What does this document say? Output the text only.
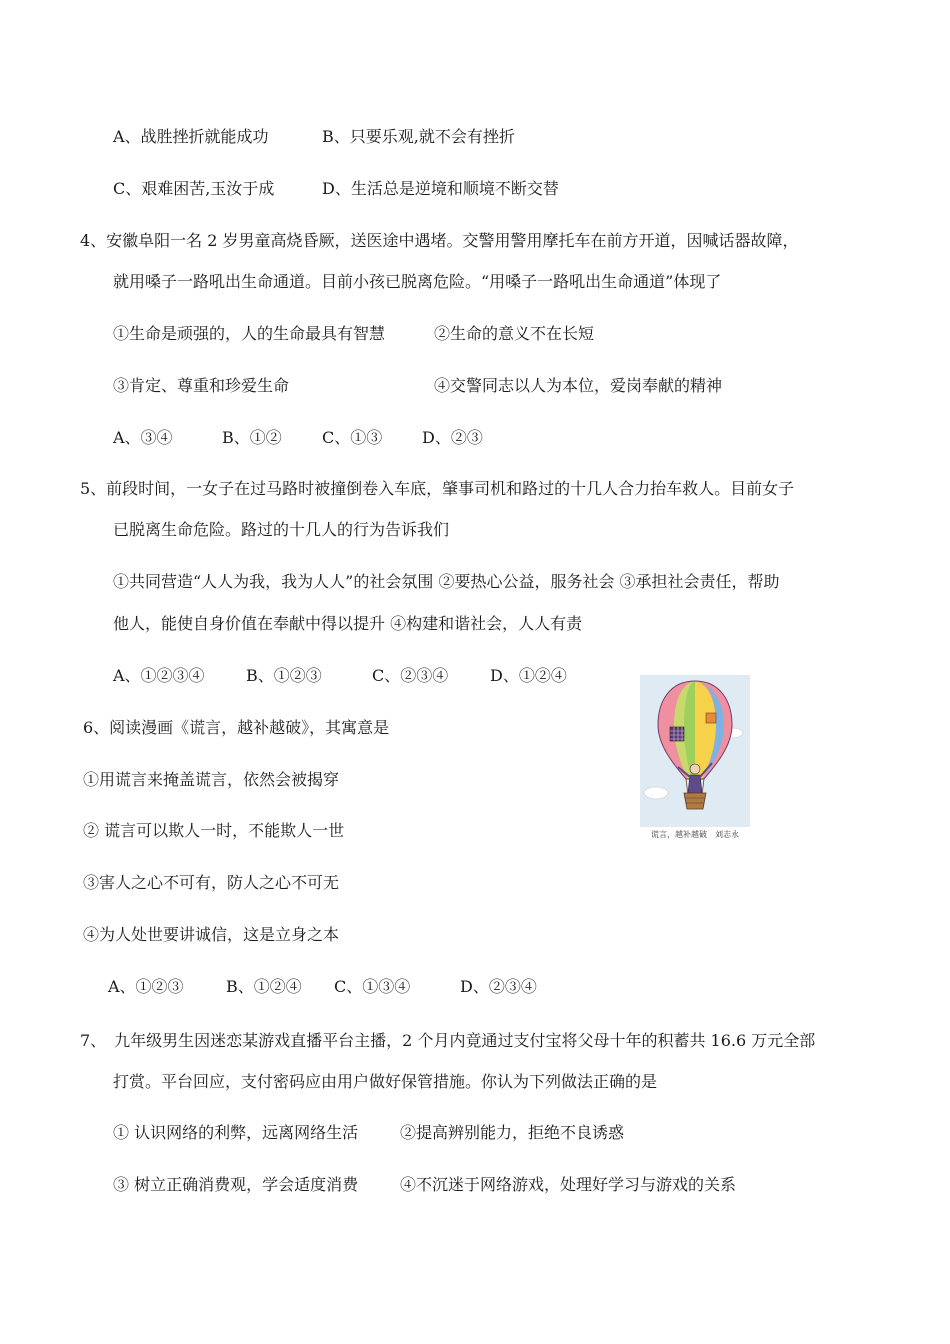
A、战胜挫折就能成功	B、只要乐观,就不会有挫折
C、艰难困苦,玉汝于成	D、生活总是逆境和顺境不断交替
4、安徽阜阳一名 2 岁男童高烧昏厥，送医途中遇堵。交警用警用摩托车在前方开道，因喊话器故障，
就用嗓子一路吼出生命通道。目前小孩已脱离危险。“用嗓子一路吼出生命通道”体现了
①生命是顽强的，人的生命最具有智慧	②生命的意义不在长短
③肯定、尊重和珍爱生命	④交警同志以人为本位，爱岗奉献的精神
A、③④	B、①②	C、①③ D、②③
5、前段时间，一女子在过马路时被撞倒卷入车底，肇事司机和路过的十几人合力抬车救人。目前女子
已脱离生命危险。路过的十几人的行为告诉我们
①共同营造“人人为我，我为人人”的社会氛围 ②要热心公益，服务社会 ③承担社会责任，帮助
他人，能使自身价值在奉献中得以提升 ④构建和谐社会，人人有责
A、①②③④	B、①②③	C、②③④	D、①②④
6、阅读漫画《谎言，越补越破》，其寓意是
①用谎言来掩盖谎言，依然会被揭穿
② 谎言可以欺人一时，不能欺人一世
③害人之心不可有，防人之心不可无
④为人处世要讲诚信，这是立身之本
A、①②③	B、①②④ C、①③④	D、②③④
谎言，越补越破　刘志永
7、　九年级男生因迷恋某游戏直播平台主播，2 个月内竟通过支付宝将父母十年的积蓄共 16.6 万元全部
打赏。平台回应，支付密码应由用户做好保管措施。你认为下列做法正确的是
① 认识网络的利弊，远离网络生活	②提高辨别能力，拒绝不良诱惑
③ 树立正确消费观，学会适度消费	④不沉迷于网络游戏，处理好学习与游戏的关系
